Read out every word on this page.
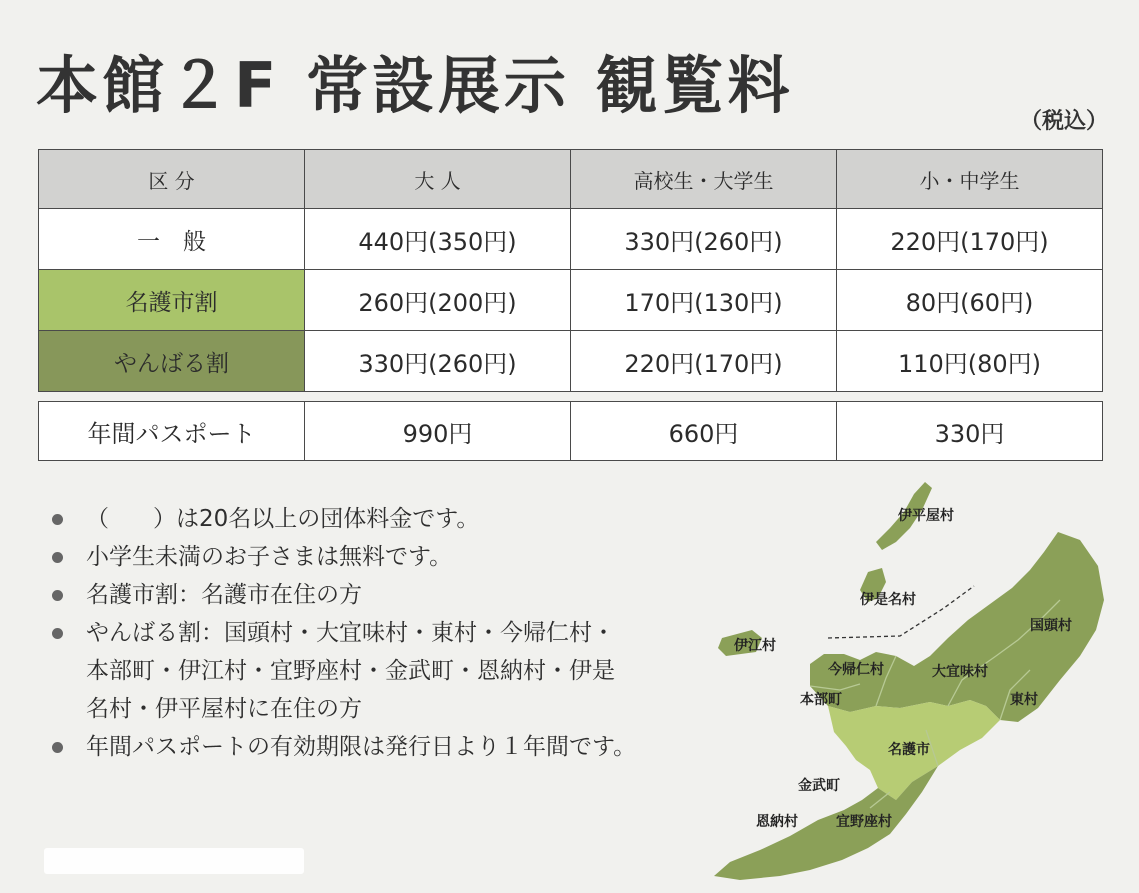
本館２F 常設展示 観覧料	（税込）
区 分	大 人	高校生・大学生	小・中学生
一　般	440円(350円)	330円(260円)	220円(170円)
名護市割	260円(200円)	170円(130円)	80円(60円)
やんばる割	330円(260円)	220円(170円)	110円(80円)
年間パスポート	990円	660円	330円
（ ）は20名以上の団体料金です。
小学生未満のお子さまは無料です。
名護市割：名護市在住の方
やんばる割：国頭村・大宜味村・東村・今帰仁村・
本部町・伊江村・宜野座村・金武町・恩納村・伊是
名村・伊平屋村に在住の方
年間パスポートの有効期限は発行日より１年間です。
伊平屋村
伊是名村
伊江村
国頭村
今帰仁村	大宜味村
本部町	東村
名護市
金武町
恩納村	宜野座村
